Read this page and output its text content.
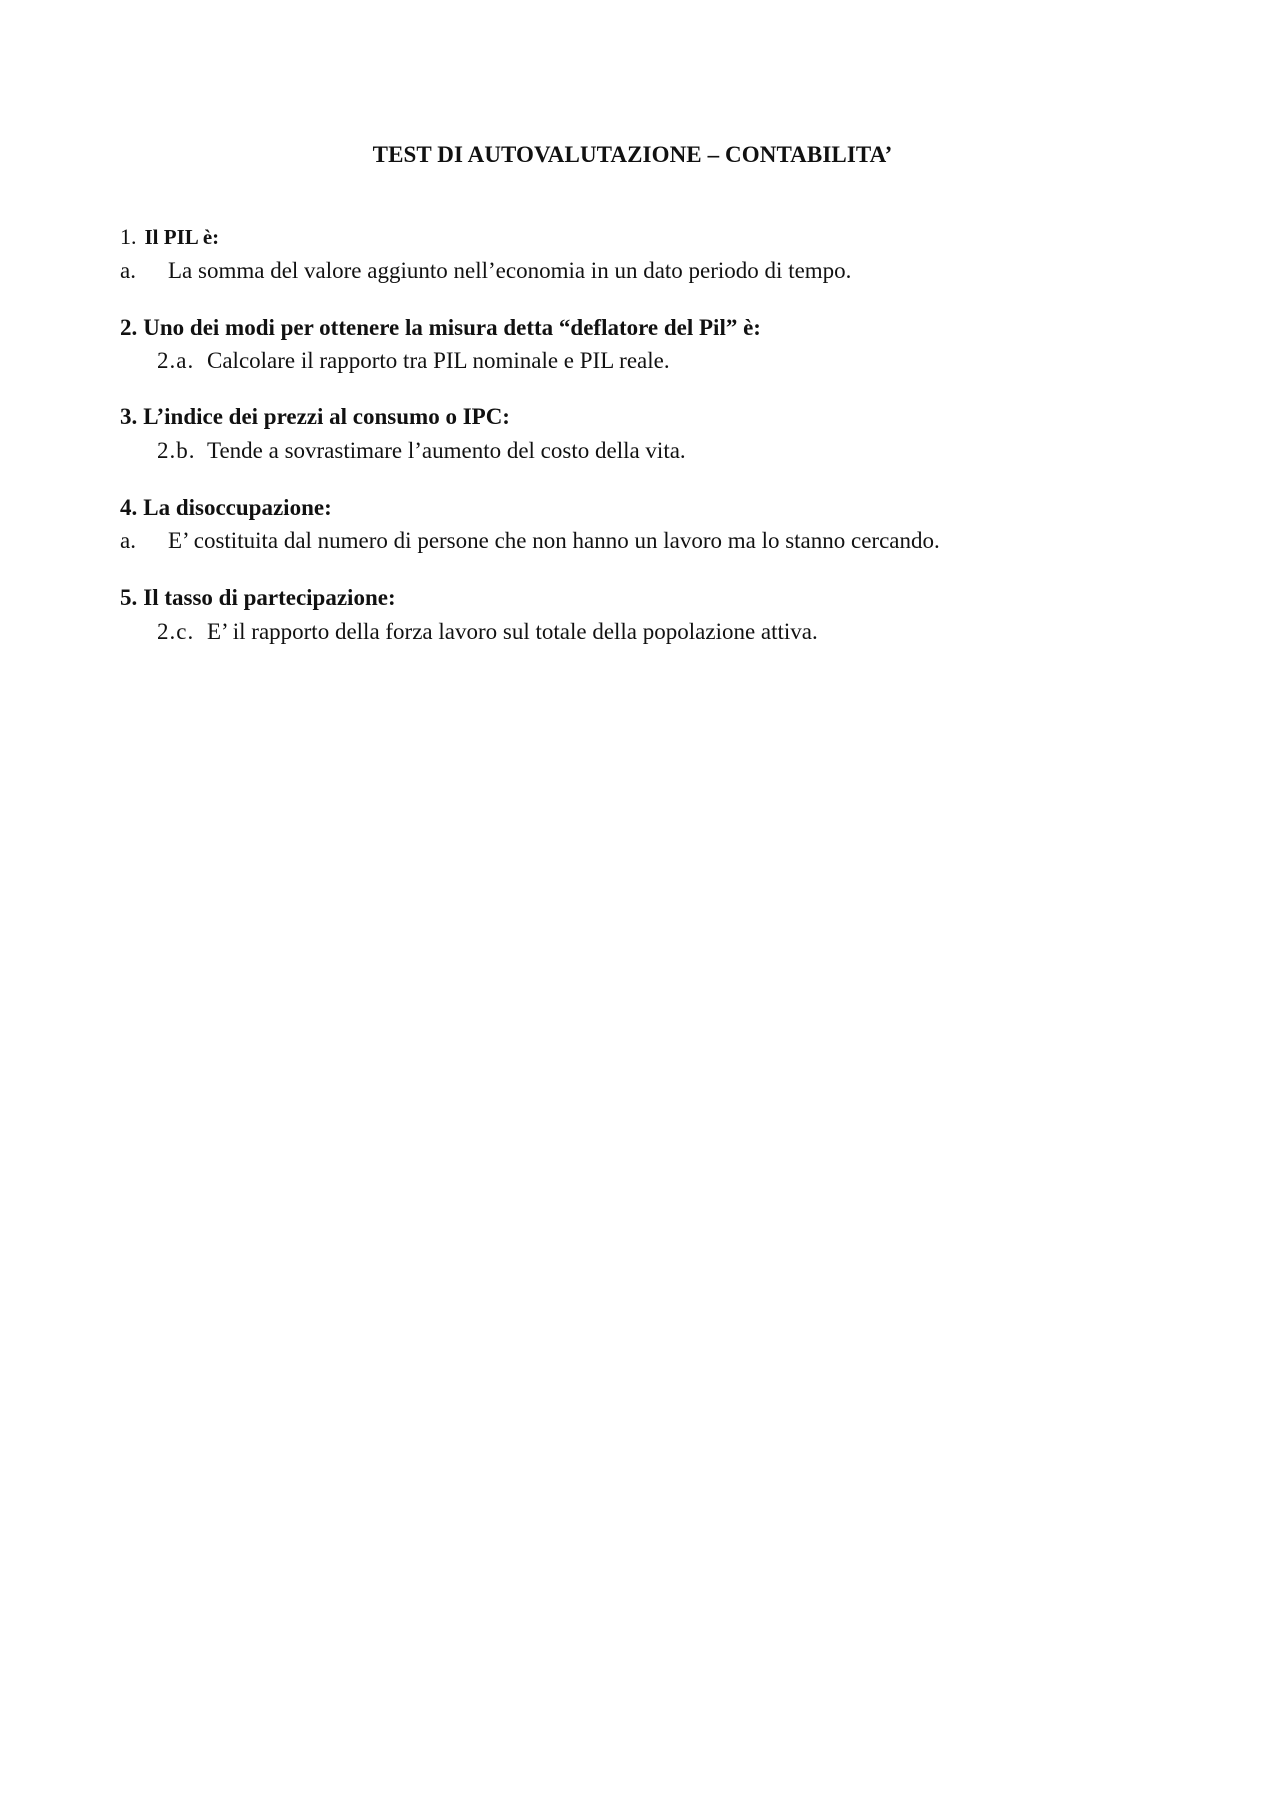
TEST DI AUTOVALUTAZIONE – CONTABILITA’
1. Il PIL è:
a. La somma del valore aggiunto nell’economia in un dato periodo di tempo.
2. Uno dei modi per ottenere la misura detta “deflatore del Pil” è:
2.a. Calcolare il rapporto tra PIL nominale e PIL reale.
3. L’indice dei prezzi al consumo o IPC:
2.b. Tende a sovrastimare l’aumento del costo della vita.
4. La disoccupazione:
a. E’ costituita dal numero di persone che non hanno un lavoro ma lo stanno cercando.
5. Il tasso di partecipazione:
2.c. E’ il rapporto della forza lavoro sul totale della popolazione attiva.
